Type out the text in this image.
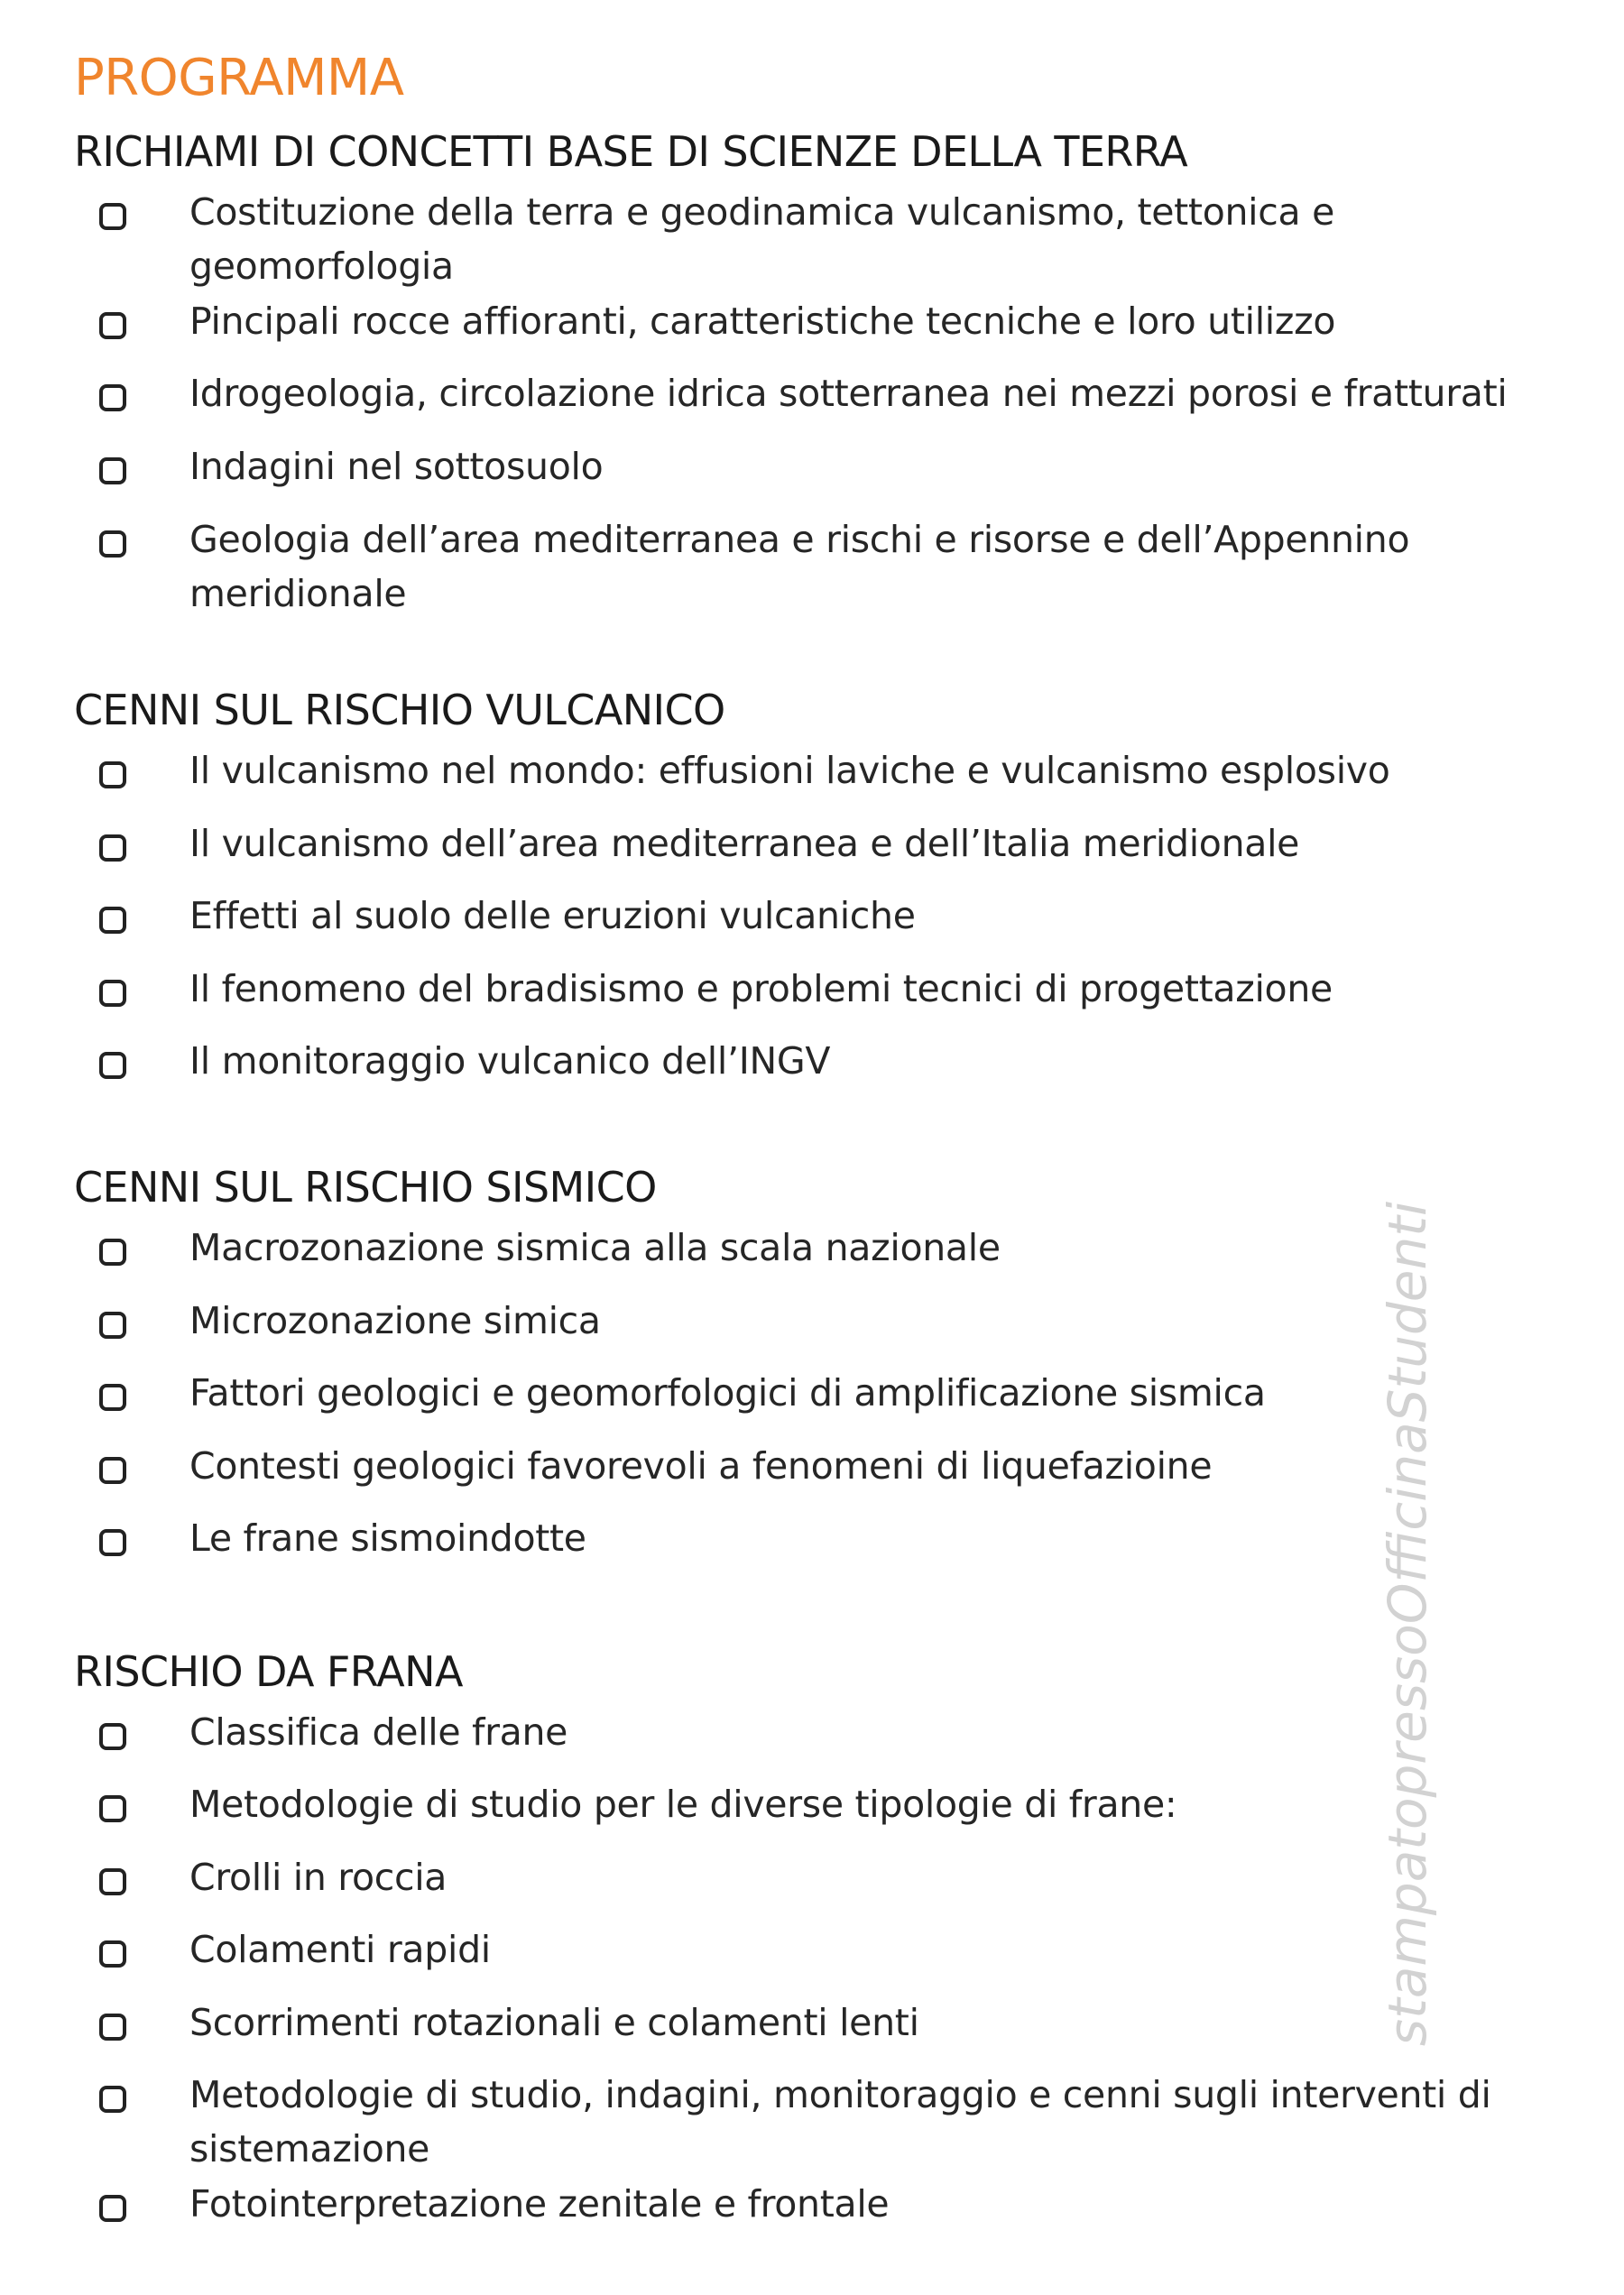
PROGRAMMA
RICHIAMI DI CONCETTI BASE DI SCIENZE DELLA TERRA
Costituzione della terra e geodinamica vulcanismo, tettonica e geomorfologia
Pincipali rocce affioranti, caratteristiche tecniche e loro utilizzo
Idrogeologia, circolazione idrica sotterranea nei mezzi porosi e fratturati
Indagini nel sottosuolo
Geologia dell’area mediterranea e rischi e risorse e dell’Appennino meridionale
CENNI SUL RISCHIO VULCANICO
Il vulcanismo nel mondo: effusioni laviche e vulcanismo esplosivo
Il vulcanismo dell’area mediterranea e dell’Italia meridionale
Effetti al suolo delle eruzioni vulcaniche
Il fenomeno del bradisismo e problemi tecnici di progettazione
Il monitoraggio vulcanico dell’INGV
CENNI SUL RISCHIO SISMICO
Macrozonazione sismica alla scala nazionale
Microzonazione simica
Fattori geologici e geomorfologici di amplificazione sismica
Contesti geologici favorevoli a fenomeni di liquefazioine
Le frane sismoindotte
RISCHIO DA FRANA
Classifica delle frane
Metodologie di studio per le diverse tipologie di frane:
Crolli in roccia
Colamenti rapidi
Scorrimenti rotazionali e colamenti lenti
Metodologie di studio, indagini, monitoraggio e cenni sugli interventi di sistemazione
Fotointerpretazione zenitale e frontale
stampatopressoOfficinaStudenti
